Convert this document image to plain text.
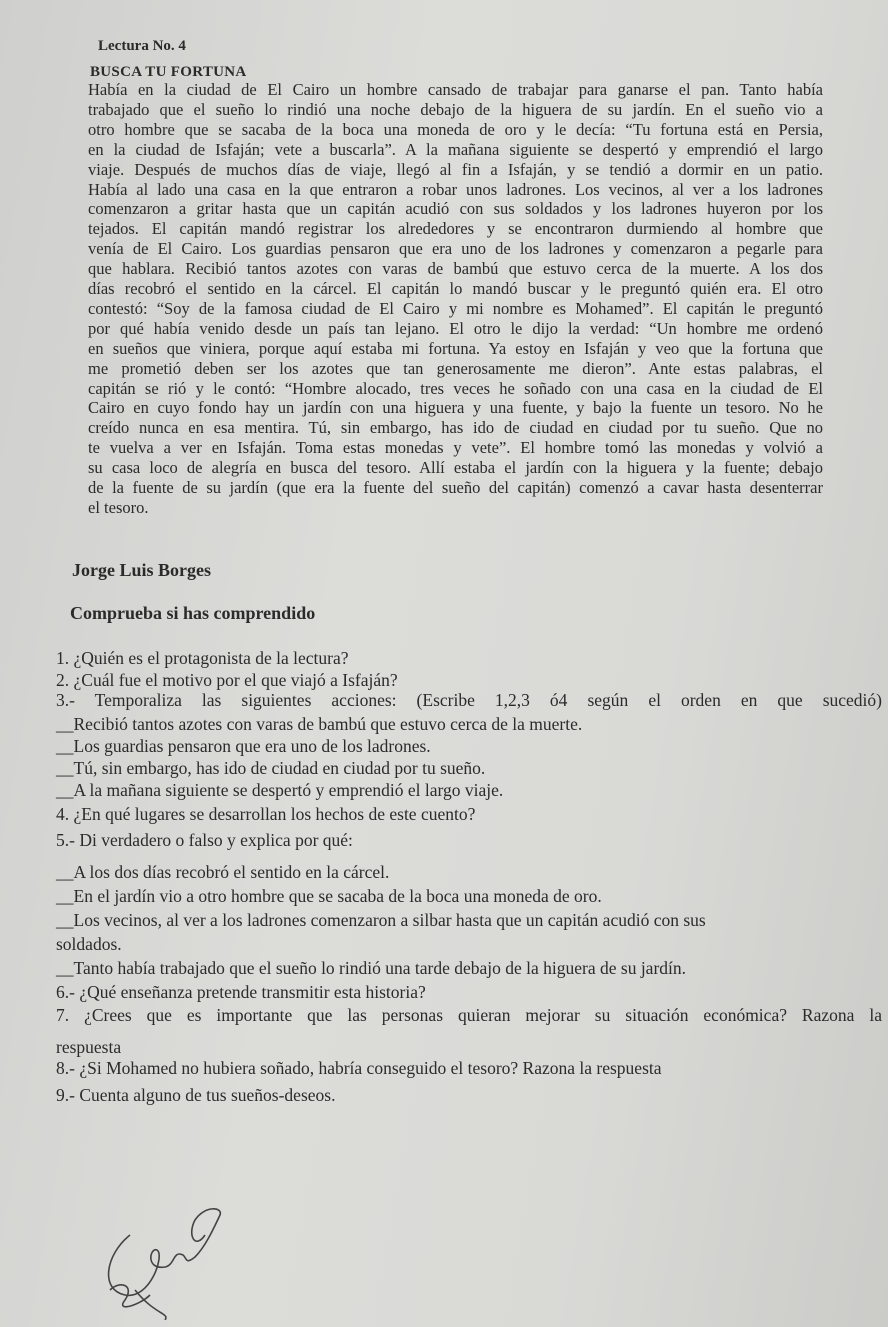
Lectura No. 4
BUSCA TU FORTUNA
Había en la ciudad de El Cairo un hombre cansado de trabajar para ganarse el pan. Tanto había
trabajado que el sueño lo rindió una noche debajo de la higuera de su jardín. En el sueño vio a
otro hombre que se sacaba de la boca una moneda de oro y le decía: “Tu fortuna está en Persia,
en la ciudad de Isfaján; vete a buscarla”. A la mañana siguiente se despertó y emprendió el largo
viaje. Después de muchos días de viaje, llegó al fin a Isfaján, y se tendió a dormir en un patio.
Había al lado una casa en la que entraron a robar unos ladrones. Los vecinos, al ver a los ladrones
comenzaron a gritar hasta que un capitán acudió con sus soldados y los ladrones huyeron por los
tejados. El capitán mandó registrar los alrededores y se encontraron durmiendo al hombre que
venía de El Cairo. Los guardias pensaron que era uno de los ladrones y comenzaron a pegarle para
que hablara. Recibió tantos azotes con varas de bambú que estuvo cerca de la muerte. A los dos
días recobró el sentido en la cárcel. El capitán lo mandó buscar y le preguntó quién era. El otro
contestó: “Soy de la famosa ciudad de El Cairo y mi nombre es Mohamed”. El capitán le preguntó
por qué había venido desde un país tan lejano. El otro le dijo la verdad: “Un hombre me ordenó
en sueños que viniera, porque aquí estaba mi fortuna. Ya estoy en Isfaján y veo que la fortuna que
me prometió deben ser los azotes que tan generosamente me dieron”. Ante estas palabras, el
capitán se rió y le contó: “Hombre alocado, tres veces he soñado con una casa en la ciudad de El
Cairo en cuyo fondo hay un jardín con una higuera y una fuente, y bajo la fuente un tesoro. No he
creído nunca en esa mentira. Tú, sin embargo, has ido de ciudad en ciudad por tu sueño. Que no
te vuelva a ver en Isfaján. Toma estas monedas y vete”. El hombre tomó las monedas y volvió a
su casa loco de alegría en busca del tesoro. Allí estaba el jardín con la higuera y la fuente; debajo
de la fuente de su jardín (que era la fuente del sueño del capitán) comenzó a cavar hasta desenterrar
el tesoro.
Jorge Luis Borges
Comprueba si has comprendido
1. ¿Quién es el protagonista de la lectura?
2. ¿Cuál fue el motivo por el que viajó a Isfaján?
3.- Temporaliza las siguientes acciones: (Escribe 1,2,3 ó4 según el orden en que sucedió)
__Recibió tantos azotes con varas de bambú que estuvo cerca de la muerte.
__Los guardias pensaron que era uno de los ladrones.
__Tú, sin embargo, has ido de ciudad en ciudad por tu sueño.
__A la mañana siguiente se despertó y emprendió el largo viaje.
4. ¿En qué lugares se desarrollan los hechos de este cuento?
5.- Di verdadero o falso y explica por qué:
__A los dos días recobró el sentido en la cárcel.
__En el jardín vio a otro hombre que se sacaba de la boca una moneda de oro.
__Los vecinos, al ver a los ladrones comenzaron a silbar hasta que un capitán acudió con sus
soldados.
__Tanto había trabajado que el sueño lo rindió una tarde debajo de la higuera de su jardín.
6.- ¿Qué enseñanza pretende transmitir esta historia?
7. ¿Crees que es importante que las personas quieran mejorar su situación económica? Razona la
respuesta
8.- ¿Si Mohamed no hubiera soñado, habría conseguido el tesoro? Razona la respuesta
9.- Cuenta alguno de tus sueños-deseos.
